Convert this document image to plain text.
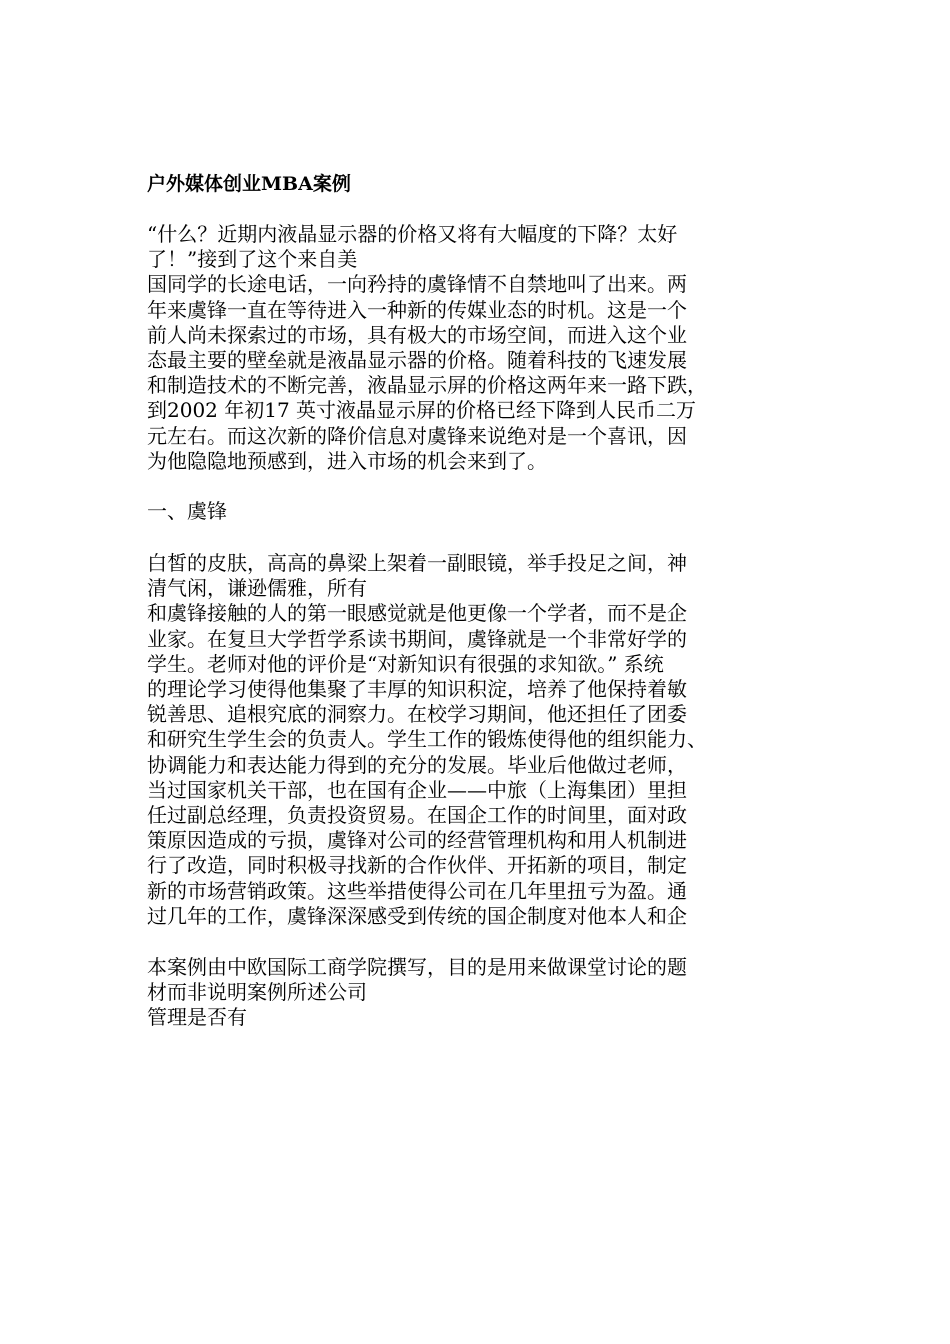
户外媒体创业MBA案例

“什么？近期内液晶显示器的价格又将有大幅度的下降？太好

了！”接到了这个来自美

国同学的长途电话，一向矜持的虞锋情不自禁地叫了出来。两

年来虞锋一直在等待进入一种新的传媒业态的时机。这是一个

前人尚未探索过的市场，具有极大的市场空间，而进入这个业

态最主要的壁垒就是液晶显示器的价格。随着科技的飞速发展

和制造技术的不断完善，液晶显示屏的价格这两年来一路下跌，

到2002 年初17 英寸液晶显示屏的价格已经下降到人民币二万

元左右。而这次新的降价信息对虞锋来说绝对是一个喜讯，因

为他隐隐地预感到，进入市场的机会来到了。

一、虞锋

白皙的皮肤，高高的鼻梁上架着一副眼镜，举手投足之间，神

清气闲，谦逊儒雅，所有

和虞锋接触的人的第一眼感觉就是他更像一个学者，而不是企

业家。在复旦大学哲学系读书期间，虞锋就是一个非常好学的

学生。老师对他的评价是“对新知识有很强的求知欲。” 系统

的理论学习使得他集聚了丰厚的知识积淀，培养了他保持着敏

锐善思、追根究底的洞察力。在校学习期间，他还担任了团委

和研究生学生会的负责人。学生工作的锻炼使得他的组织能力、

协调能力和表达能力得到的充分的发展。毕业后他做过老师，

当过国家机关干部，也在国有企业——中旅（上海集团）里担

任过副总经理，负责投资贸易。在国企工作的时间里，面对政

策原因造成的亏损，虞锋对公司的经营管理机构和用人机制进

行了改造，同时积极寻找新的合作伙伴、开拓新的项目，制定

新的市场营销政策。这些举措使得公司在几年里扭亏为盈。通

过几年的工作，虞锋深深感受到传统的国企制度对他本人和企

本案例由中欧国际工商学院撰写，目的是用来做课堂讨论的题

材而非说明案例所述公司

管理是否有
